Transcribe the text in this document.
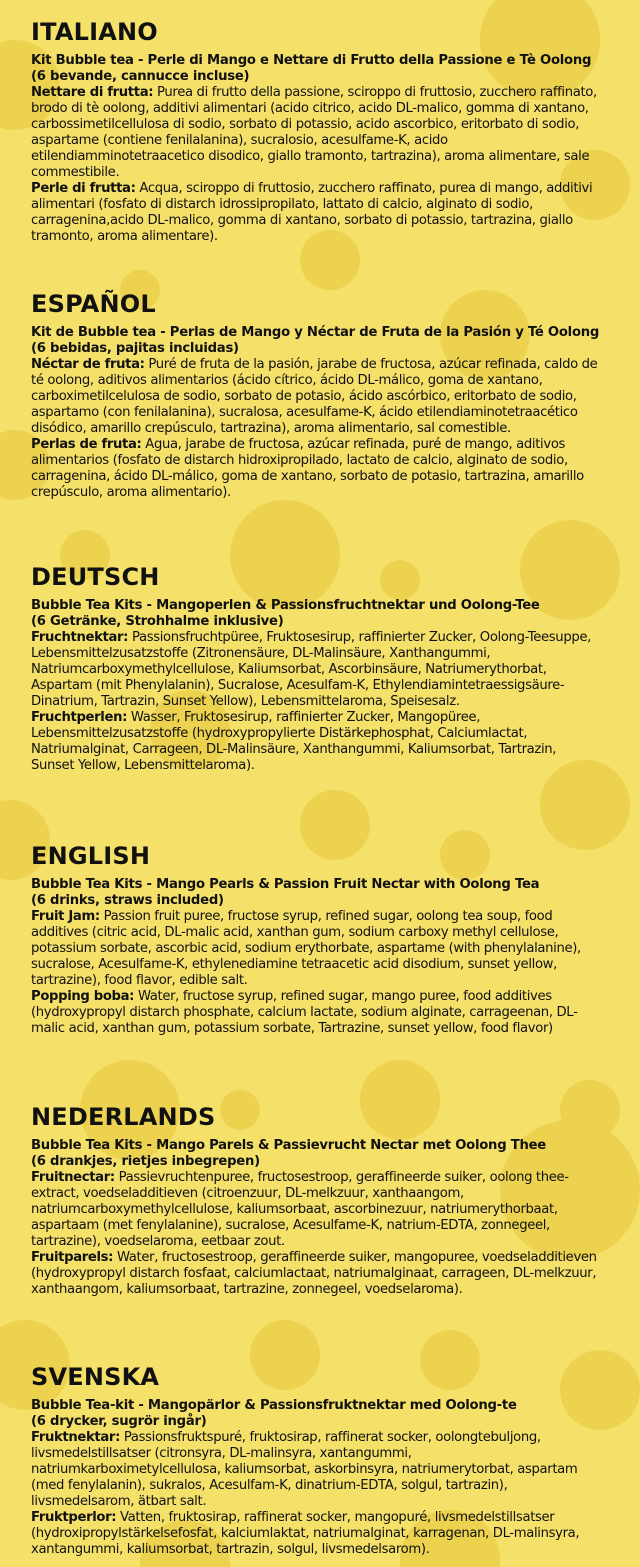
ITALIANO

Kit Bubble tea - Perle di Mango e Nettare di Frutto della Passione e Tè Oolong

(6 bevande, cannucce incluse)

Nettare di frutta: Purea di frutto della passione, sciroppo di fruttosio, zucchero raffinato, brodo di tè oolong, additivi alimentari (acido citrico, acido DL-malico, gomma di xantano, carbossimetilcellulosa di sodio, sorbato di potassio, acido ascorbico, eritorbato di sodio, aspartame (contiene fenilalanina), sucralosio, acesulfame-K, acido etilendiamminotetraacetico disodico, giallo tramonto, tartrazina), aroma alimentare, sale commestibile.

Perle di frutta: Acqua, sciroppo di fruttosio, zucchero raffinato, purea di mango, additivi alimentari (fosfato di distarch idrossipropilato, lattato di calcio, alginato di sodio, carragenina,acido DL-malico, gomma di xantano, sorbato di potassio, tartrazina, giallo tramonto, aroma alimentare).

ESPAÑOL

Kit de Bubble tea - Perlas de Mango y Néctar de Fruta de la Pasión y Té Oolong

(6 bebidas, pajitas incluidas)

Néctar de fruta: Puré de fruta de la pasión, jarabe de fructosa, azúcar refinada, caldo de té oolong, aditivos alimentarios (ácido cítrico, ácido DL-málico, goma de xantano, carboximetilcelulosa de sodio, sorbato de potasio, ácido ascórbico, eritorbato de sodio, aspartamo (con fenilalanina), sucralosa, acesulfame-K, ácido etilendiaminotetraacético disódico, amarillo crepúsculo, tartrazina), aroma alimentario, sal comestible.

Perlas de fruta: Agua, jarabe de fructosa, azúcar refinada, puré de mango, aditivos alimentarios (fosfato de distarch hidroxipropilado, lactato de calcio, alginato de sodio, carragenina, ácido DL-málico, goma de xantano, sorbato de potasio, tartrazina, amarillo crepúsculo, aroma alimentario).

DEUTSCH

Bubble Tea Kits - Mangoperlen & Passionsfruchtnektar und Oolong-Tee

(6 Getränke, Strohhalme inklusive)

Fruchtnektar: Passionsfruchtpüree, Fruktosesirup, raffinierter Zucker, Oolong-Teesuppe, Lebensmittelzusatzstoffe (Zitronensäure, DL-Malinsäure, Xanthangummi, Natriumcarboxymethylcellulose, Kaliumsorbat, Ascorbinsäure, Natriumerythorbat, Aspartam (mit Phenylalanin), Sucralose, Acesulfam-K, Ethylendiamintetraessigsäure-Dinatrium, Tartrazin, Sunset Yellow), Lebensmittelaroma, Speisesalz.

Fruchtperlen: Wasser, Fruktosesirup, raffinierter Zucker, Mangopüree, Lebensmittelzusatzstoffe (hydroxypropylierte Distärkephosphat, Calciumlactat, Natriumalginat, Carrageen, DL-Malinsäure, Xanthangummi, Kaliumsorbat, Tartrazin, Sunset Yellow, Lebensmittelaroma).

ENGLISH

Bubble Tea Kits - Mango Pearls & Passion Fruit Nectar with Oolong Tea

(6 drinks, straws included)

Fruit Jam: Passion fruit puree, fructose syrup, refined sugar, oolong tea soup, food additives (citric acid, DL-malic acid, xanthan gum, sodium carboxy methyl cellulose, potassium sorbate, ascorbic acid, sodium erythorbate, aspartame (with phenylalanine), sucralose, Acesulfame-K, ethylenediamine tetraacetic acid disodium, sunset yellow, tartrazine), food flavor, edible salt.

Popping boba: Water, fructose syrup, refined sugar, mango puree, food additives (hydroxypropyl distarch phosphate, calcium lactate, sodium alginate, carrageenan, DL-malic acid, xanthan gum, potassium sorbate, Tartrazine, sunset yellow, food flavor)

NEDERLANDS

Bubble Tea Kits - Mango Parels & Passievrucht Nectar met Oolong Thee

(6 drankjes, rietjes inbegrepen)

Fruitnectar: Passievruchtenpuree, fructosestroop, geraffineerde suiker, oolong thee-extract, voedseladditieven (citroenzuur, DL-melkzuur, xanthaangom, natriumcarboxymethylcellulose, kaliumsorbaat, ascorbinezuur, natriumerythorbaat, aspartaam (met fenylalanine), sucralose, Acesulfame-K, natrium-EDTA, zonnegeel, tartrazine), voedselaroma, eetbaar zout.

Fruitparels: Water, fructosestroop, geraffineerde suiker, mangopuree, voedseladditieven (hydroxypropyl distarch fosfaat, calciumlactaat, natriumalginaat, carrageen, DL-melkzuur, xanthaangom, kaliumsorbaat, tartrazine, zonnegeel, voedselaroma).

SVENSKA

Bubble Tea-kit - Mangopärlor & Passionsfruktnektar med Oolong-te

(6 drycker, sugrör ingår)

Fruktnektar: Passionsfruktspuré, fruktosirap, raffinerat socker, oolongtebuljong, livsmedelstillsatser (citronsyra, DL-malinsyra, xantangummi, natriumkarboximetylcellulosa, kaliumsorbat, askorbinsyra, natriumerytorbat, aspartam (med fenylalanin), sukralos, Acesulfam-K, dinatrium-EDTA, solgul, tartrazin), livsmedelsarom, ätbart salt.

Fruktperlor: Vatten, fruktosirap, raffinerat socker, mangopuré, livsmedelstillsatser (hydroxipropylstärkelsefosfat, kalciumlaktat, natriumalginat, karragenan, DL-malinsyra, xantangummi, kaliumsorbat, tartrazin, solgul, livsmedelsarom).
